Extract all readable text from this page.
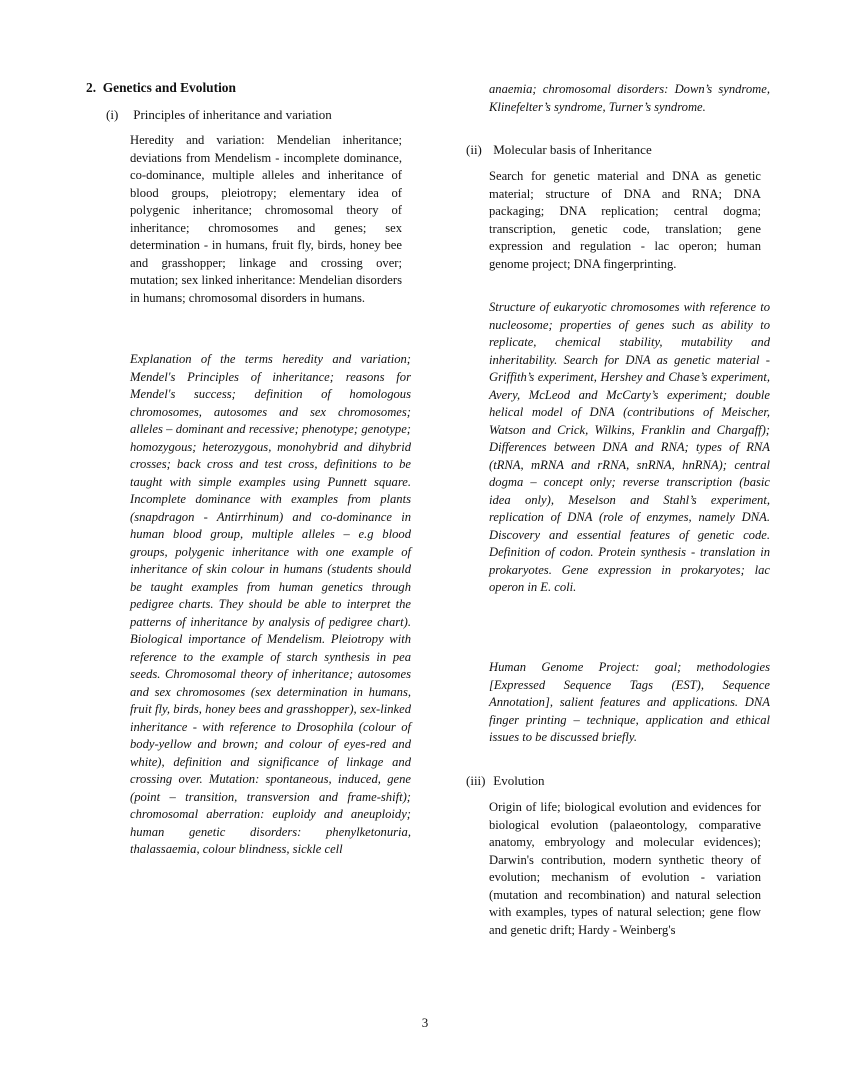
2. Genetics and Evolution
(i) Principles of inheritance and variation
Heredity and variation: Mendelian inheritance; deviations from Mendelism - incomplete dominance, co-dominance, multiple alleles and inheritance of blood groups, pleiotropy; elementary idea of polygenic inheritance; chromosomal theory of inheritance; chromosomes and genes; sex determination - in humans, fruit fly, birds, honey bee and grasshopper; linkage and crossing over; mutation; sex linked inheritance: Mendelian disorders in humans; chromosomal disorders in humans.
Explanation of the terms heredity and variation; Mendel's Principles of inheritance; reasons for Mendel's success; definition of homologous chromosomes, autosomes and sex chromosomes; alleles – dominant and recessive; phenotype; genotype; homozygous; heterozygous, monohybrid and dihybrid crosses; back cross and test cross, definitions to be taught with simple examples using Punnett square. Incomplete dominance with examples from plants (snapdragon - Antirrhinum) and co-dominance in human blood group, multiple alleles – e.g blood groups, polygenic inheritance with one example of inheritance of skin colour in humans (students should be taught examples from human genetics through pedigree charts. They should be able to interpret the patterns of inheritance by analysis of pedigree chart). Biological importance of Mendelism. Pleiotropy with reference to the example of starch synthesis in pea seeds. Chromosomal theory of inheritance; autosomes and sex chromosomes (sex determination in humans, fruit fly, birds, honey bees and grasshopper), sex-linked inheritance - with reference to Drosophila (colour of body-yellow and brown; and colour of eyes-red and white), definition and significance of linkage and crossing over. Mutation: spontaneous, induced, gene (point – transition, transversion and frame-shift); chromosomal aberration: euploidy and aneuploidy; human genetic disorders: phenylketonuria, thalassaemia, colour blindness, sickle cell
anaemia; chromosomal disorders: Down’s syndrome, Klinefelter’s syndrome, Turner’s syndrome.
(ii) Molecular basis of Inheritance
Search for genetic material and DNA as genetic material; structure of DNA and RNA; DNA packaging; DNA replication; central dogma; transcription, genetic code, translation; gene expression and regulation - lac operon; human genome project; DNA fingerprinting.
Structure of eukaryotic chromosomes with reference to nucleosome; properties of genes such as ability to replicate, chemical stability, mutability and inheritability. Search for DNA as genetic material - Griffith’s experiment, Hershey and Chase’s experiment, Avery, McLeod and McCarty’s experiment; double helical model of DNA (contributions of Meischer, Watson and Crick, Wilkins, Franklin and Chargaff); Differences between DNA and RNA; types of RNA (tRNA, mRNA and rRNA, snRNA, hnRNA); central dogma – concept only; reverse transcription (basic idea only), Meselson and Stahl’s experiment, replication of DNA (role of enzymes, namely DNA. Discovery and essential features of genetic code. Definition of codon. Protein synthesis - translation in prokaryotes. Gene expression in prokaryotes; lac operon in E. coli.
Human Genome Project: goal; methodologies [Expressed Sequence Tags (EST), Sequence Annotation], salient features and applications. DNA finger printing – technique, application and ethical issues to be discussed briefly.
(iii) Evolution
Origin of life; biological evolution and evidences for biological evolution (palaeontology, comparative anatomy, embryology and molecular evidences); Darwin's contribution, modern synthetic theory of evolution; mechanism of evolution - variation (mutation and recombination) and natural selection with examples, types of natural selection; gene flow and genetic drift; Hardy - Weinberg's
3
